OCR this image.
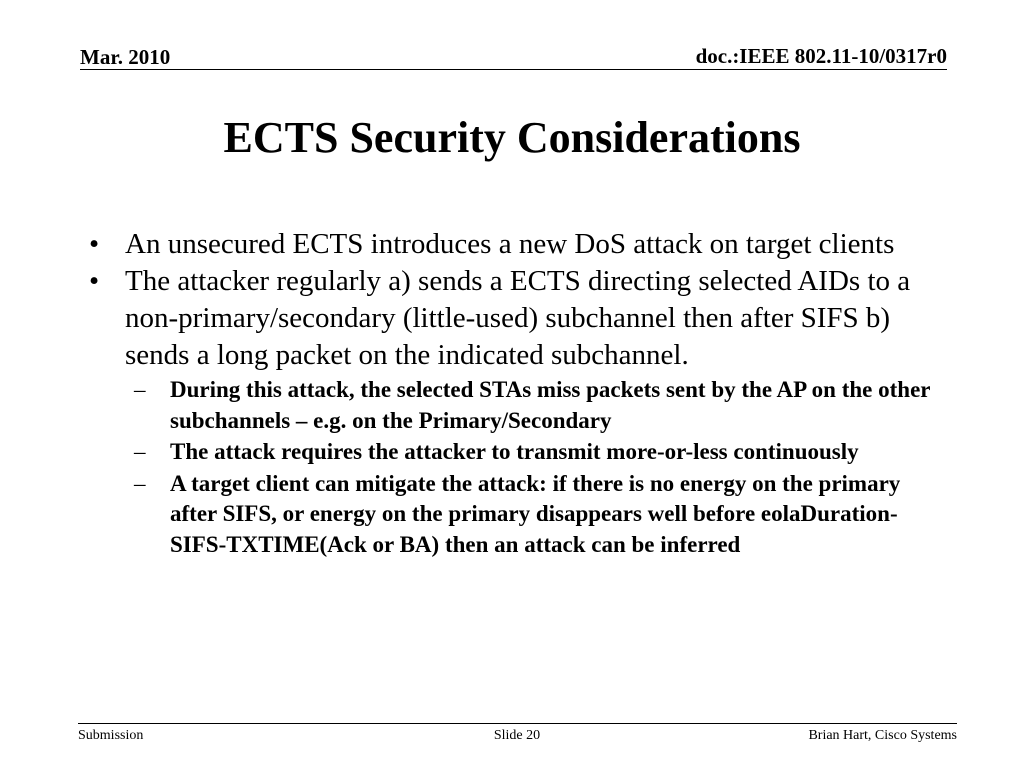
Mar. 2010	doc.:IEEE 802.11-10/0317r0
ECTS Security Considerations
• An unsecured ECTS introduces a new DoS attack on target clients
• The attacker regularly a) sends a ECTS directing selected AIDs to a non-primary/secondary (little-used) subchannel then after SIFS b) sends a long packet on the indicated subchannel.
– During this attack, the selected STAs miss packets sent by the AP on the other subchannels – e.g. on the Primary/Secondary
– The attack requires the attacker to transmit more-or-less continuously
– A target client can mitigate the attack: if there is no energy on the primary after SIFS, or energy on the primary disappears well before eolaDuration-SIFS-TXTIME(Ack or BA) then an attack can be inferred
Submission	Slide 20	Brian Hart, Cisco Systems
